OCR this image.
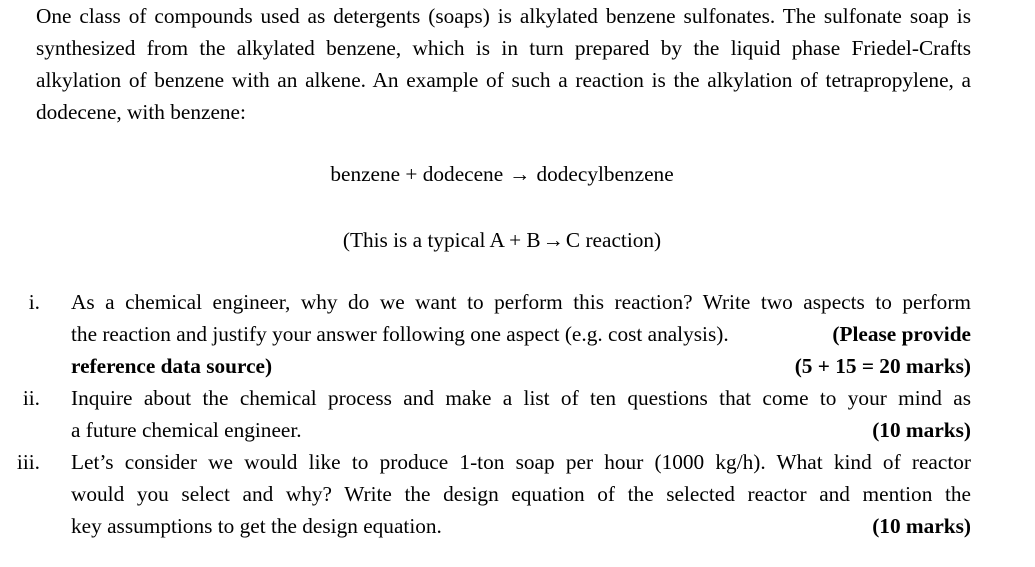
One class of compounds used as detergents (soaps) is alkylated benzene sulfonates. The sulfonate soap is synthesized from the alkylated benzene, which is in turn prepared by the liquid phase Friedel-Crafts alkylation of benzene with an alkene. An example of such a reaction is the alkylation of tetrapropylene, a dodecene, with benzene:

benzene + dodecene → dodecylbenzene

(This is a typical A + B→C reaction)

i. As a chemical engineer, why do we want to perform this reaction? Write two aspects to perform
the reaction and justify your answer following one aspect (e.g. cost analysis).	(Please provide
reference data source)	(5 + 15 = 20 marks)
ii. Inquire about the chemical process and make a list of ten questions that come to your mind as
a future chemical engineer.	(10 marks)
iii. Let’s consider we would like to produce 1-ton soap per hour (1000 kg/h). What kind of reactor
would you select and why? Write the design equation of the selected reactor and mention the
key assumptions to get the design equation.	(10 marks)
